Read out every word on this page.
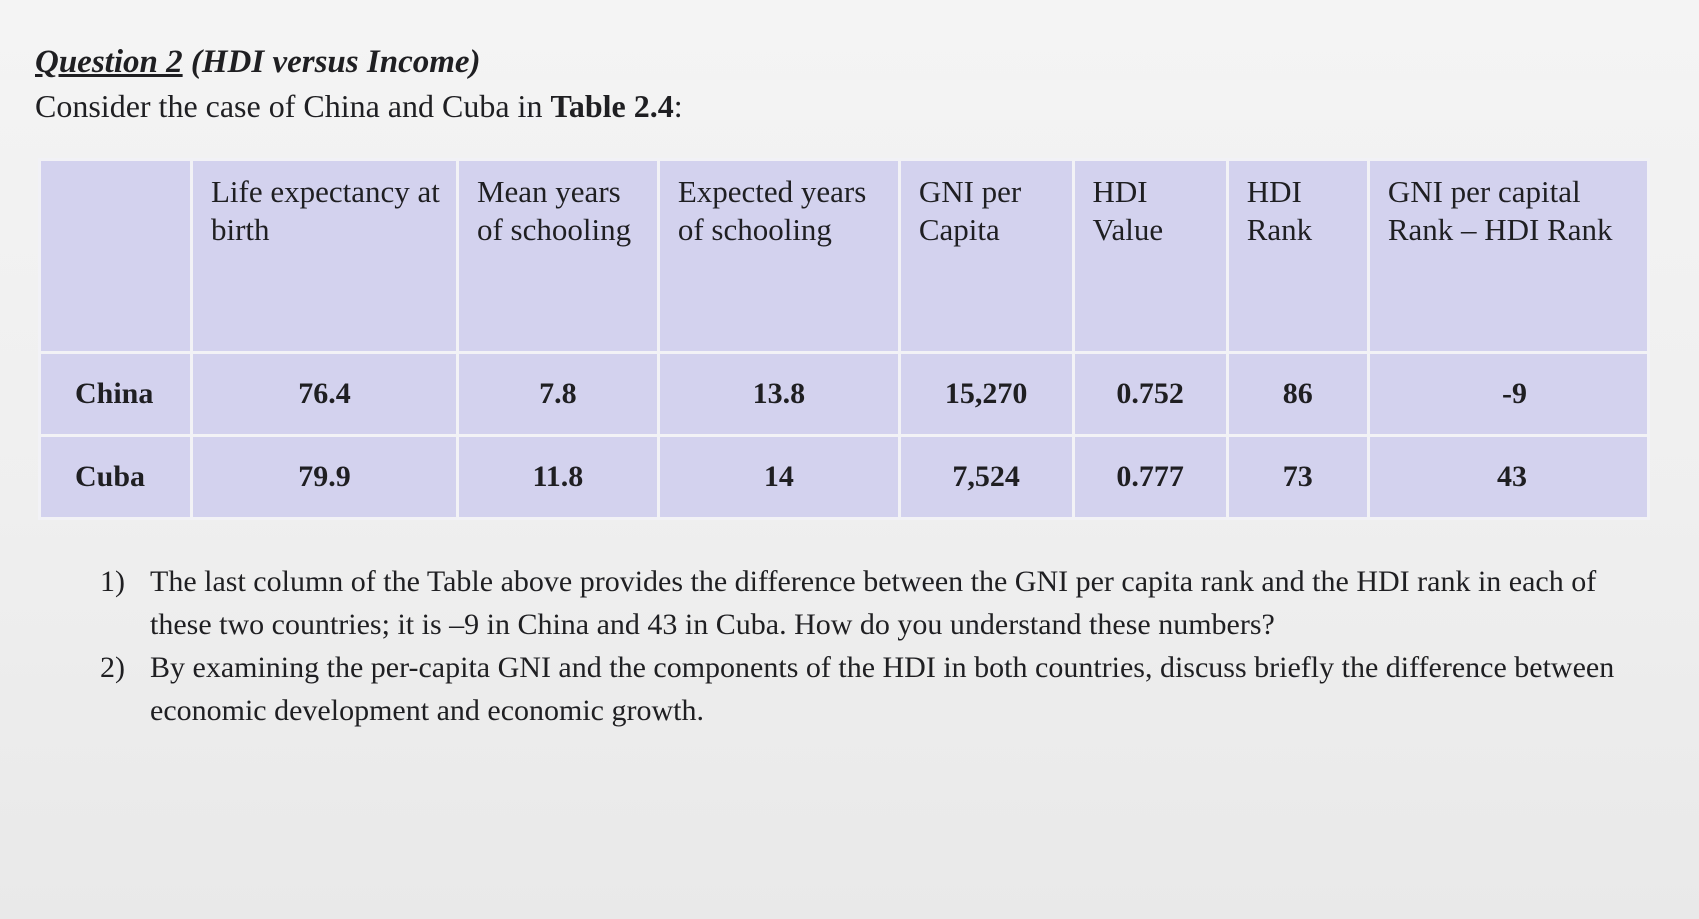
Question 2 (HDI versus Income)
Consider the case of China and Cuba in Table 2.4:
	Life expectancy at birth	Mean years of schooling	Expected years of schooling	GNI per Capita	HDI Value	HDI Rank	GNI per capital Rank – HDI Rank
China	76.4	7.8	13.8	15,270	0.752	86	-9
Cuba	79.9	11.8	14	7,524	0.777	73	43
1) The last column of the Table above provides the difference between the GNI per capita rank and the HDI rank in each of these two countries; it is –9 in China and 43 in Cuba. How do you understand these numbers?
2) By examining the per-capita GNI and the components of the HDI in both countries, discuss briefly the difference between economic development and economic growth.
